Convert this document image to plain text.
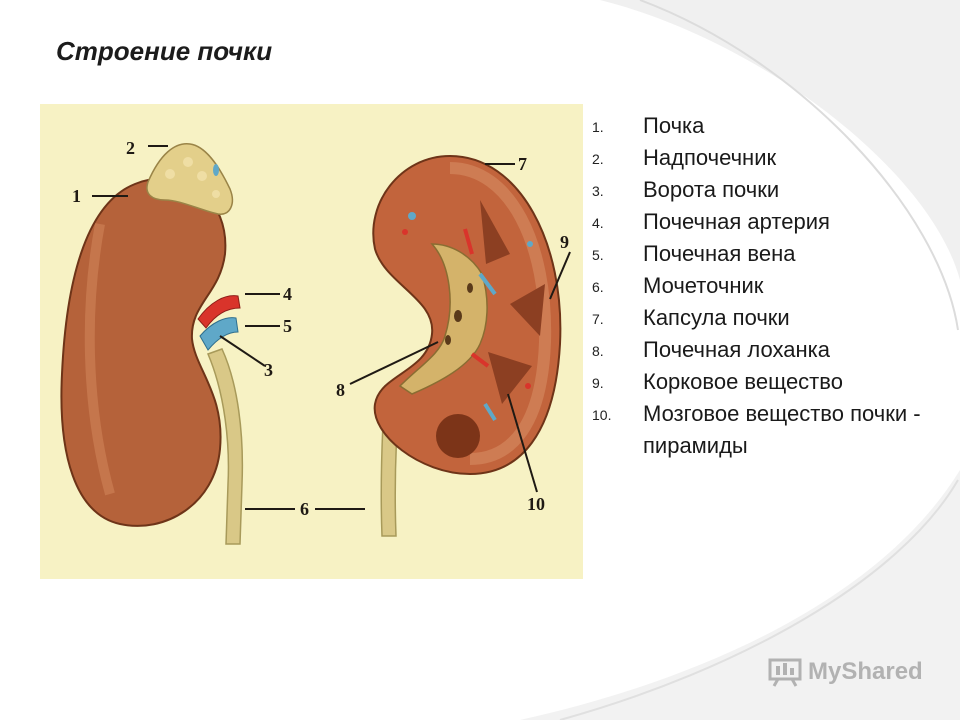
Строение почки
1
2
3
4
5
6
7
8
9
10
1. Почка
2. Надпочечник
3. Ворота почки
4. Почечная артерия
5. Почечная вена
6. Мочеточник
7. Капсула почки
8. Почечная лоханка
9. Корковое вещество
10. Мозговое вещество почки - пирамиды
MyShared
